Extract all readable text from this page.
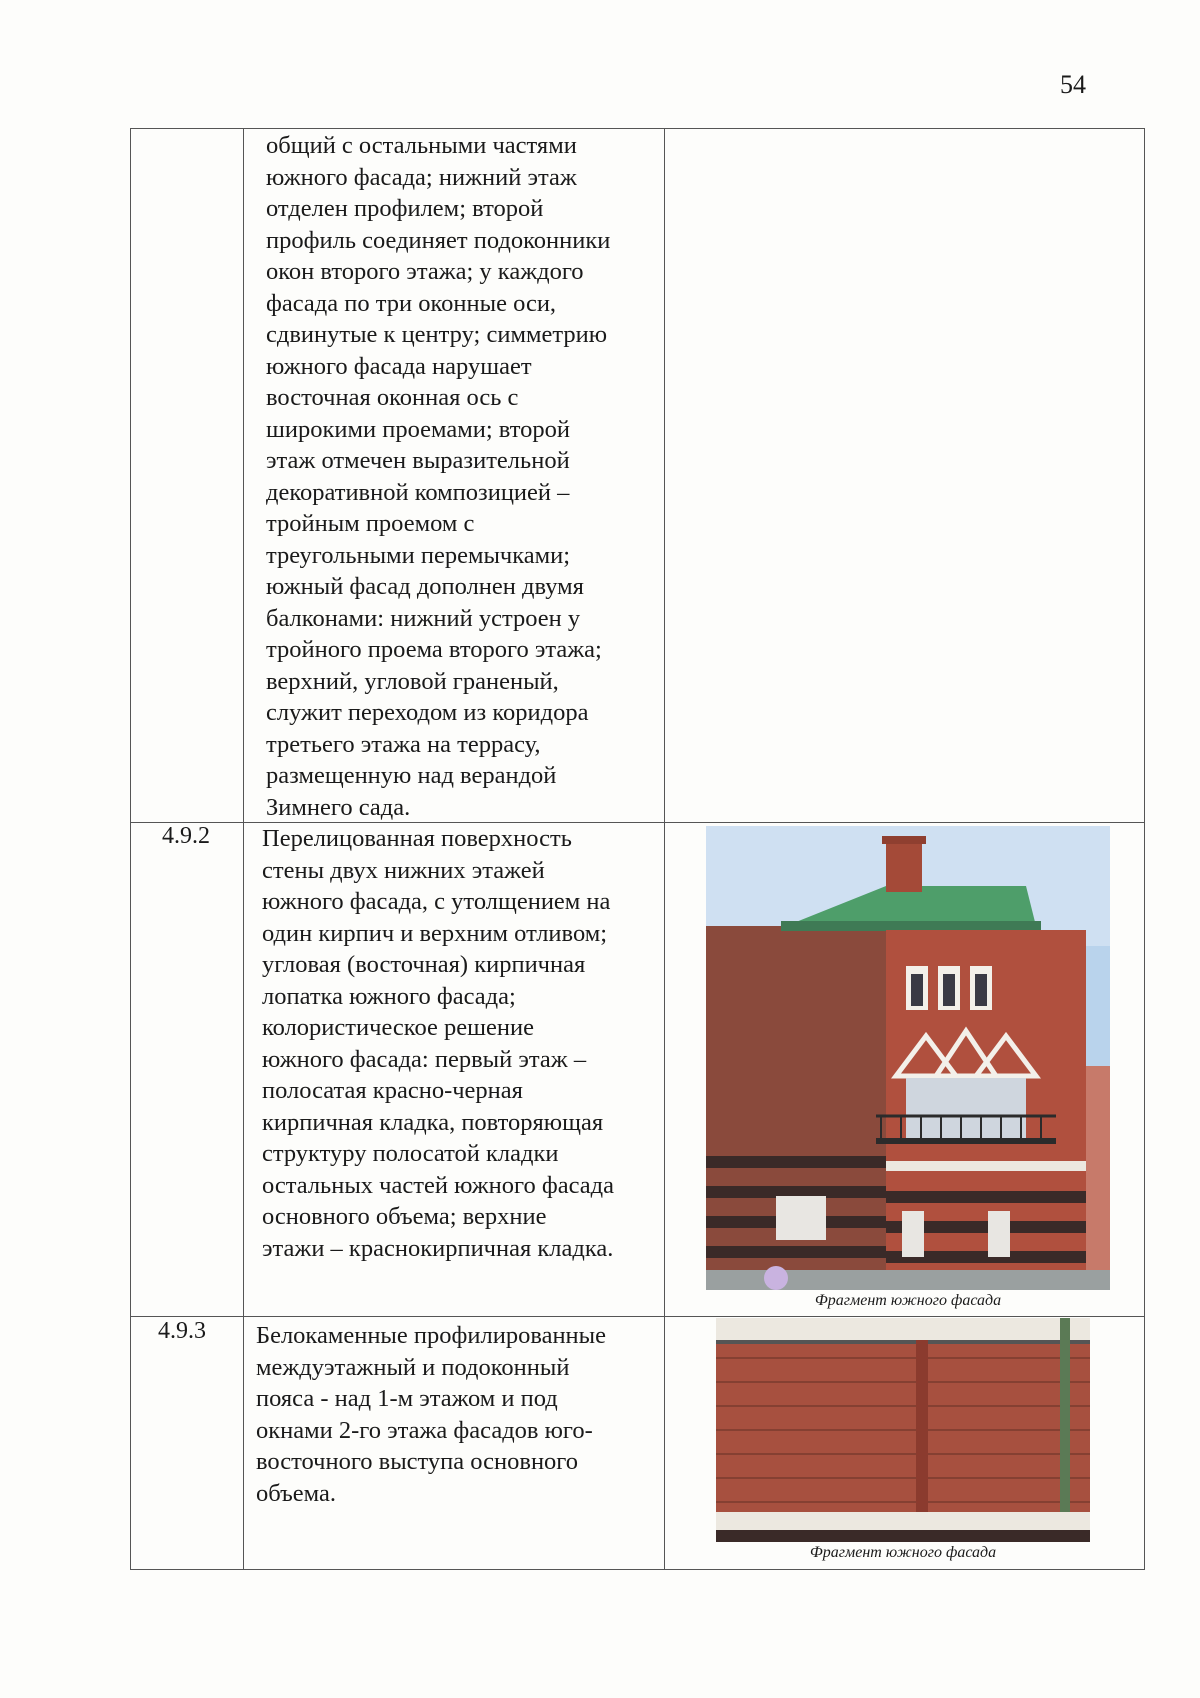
54
общий с остальными частями
южного фасада; нижний этаж
отделен профилем; второй
профиль соединяет подоконники
окон второго этажа; у каждого
фасада по три оконные оси,
сдвинутые к центру; симметрию
южного фасада нарушает
восточная оконная ось с
широкими проемами; второй
этаж отмечен выразительной
декоративной композицией –
тройным проемом с
треугольными перемычками;
южный фасад дополнен двумя
балконами: нижний устроен у
тройного проема второго этажа;
верхний, угловой граненый,
служит переходом из коридора
третьего этажа на террасу,
размещенную над верандой
Зимнего сада.
4.9.2 Перелицованная поверхность
стены двух нижних этажей
южного фасада, с утолщением на
один кирпич и верхним отливом;
угловая (восточная) кирпичная
лопатка южного фасада;
колористическое решение
южного фасада: первый этаж –
полосатая красно-черная
кирпичная кладка, повторяющая
структуру полосатой кладки
остальных частей южного фасада
основного объема; верхние
этажи – краснокирпичная кладка.
Фрагмент южного фасада
4.9.3 Белокаменные профилированные
междуэтажный и подоконный
пояса - над 1-м этажом и под
окнами 2-го этажа фасадов юго-
восточного выступа основного
объема.
Фрагмент южного фасада
